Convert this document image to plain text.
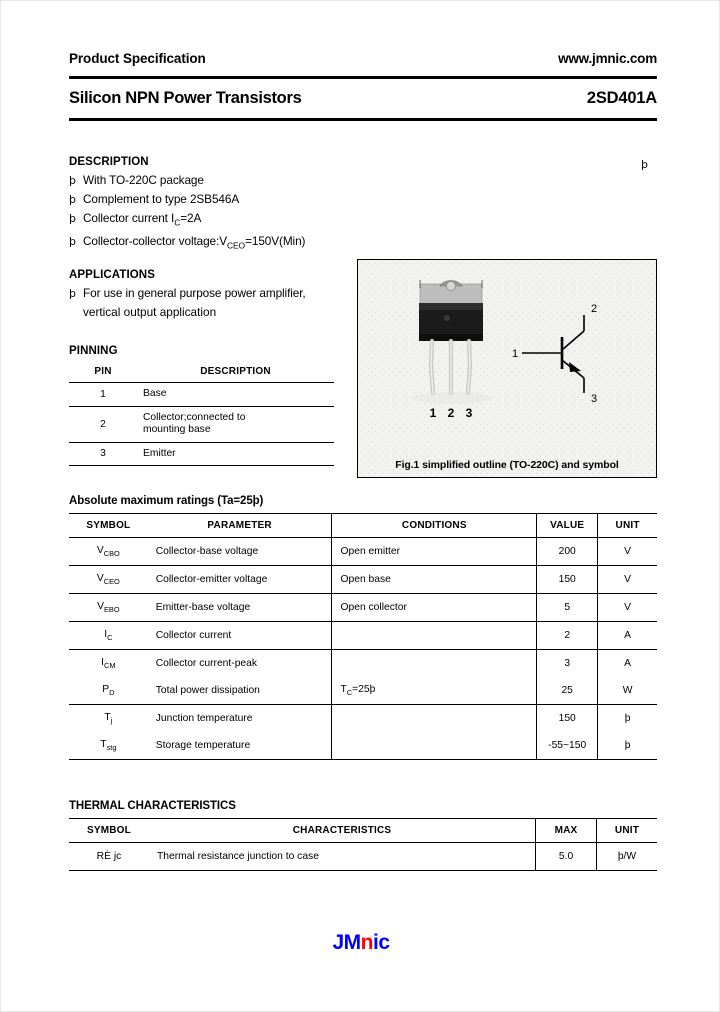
Product Specification	www.jmnic.com
Silicon NPN Power Transistors	2SD401A
DESCRIPTION
þ With TO-220C package
þ Complement to type 2SB546A
þ Collector current $I_C=2A$
þ Collector-collector $voltage:V_{CEO}=150V(Min)$
þ
APPLICATIONS
þ For use in general purpose power amplifier,
vertical output application
PINNING
PIN	DESCRIPTION
1	Base
2	Collector;connected to
mounting base

3	Emitter
1 2 3
1
2
3
Fig.1 simplified outline (TO-220C) and symbol
Absolute maximum ratings (Ta=25þ)
SYMBOL	PARAMETER	CONDITIONS	VALUE	UNIT
$V_{CBO}$	Collector-base voltage	Open emitter	200	V
$V_{CEO}$	Collector-emitter voltage	Open base	150	V
$V_{EBO}$	Emitter-base voltage	Open collector	5	V
$I_C$	Collector current		2	A
$I_{CM}$	Collector current-peak		3	A
$P_D$	Total power dissipation	$T_C=25þ$	25	W
$T_j$	Junction temperature		150	þ
$T_{stg}$	Storage temperature		-55~150	þ
THERMAL CHARACTERISTICS
SYMBOL	CHARACTERISTICS	MAX	UNIT
RÈ jc	Thermal resistance junction to case	5.0	þ/W
JMnic
